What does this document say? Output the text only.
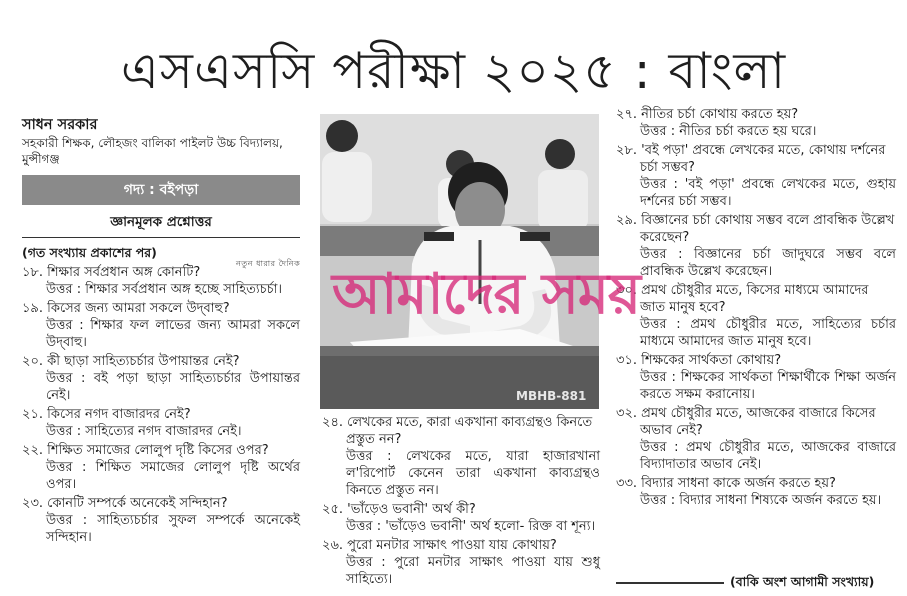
এসএসসি পরীক্ষা ২০২৫ : বাংলা
সাধন সরকার
সহকারী শিক্ষক, লৌহজং বালিকা পাইলট উচ্চ বিদ্যালয়, মুন্সীগঞ্জ
গদ্য : বইপড়া
জ্ঞানমূলক প্রশ্নোত্তর
(গত সংখ্যায় প্রকাশের পর)
১৮. শিক্ষার সর্বপ্রধান অঙ্গ কোনটি?
উত্তর : শিক্ষার সর্বপ্রধান অঙ্গ হচ্ছে সাহিত্যচর্চা।
১৯. কিসের জন্য আমরা সকলে উদ্‌বাহু?
উত্তর : শিক্ষার ফল লাভের জন্য আমরা সকলে উদ্‌বাহু।
২০. কী ছাড়া সাহিত্যচর্চার উপায়ান্তর নেই?
উত্তর : বই পড়া ছাড়া সাহিত্যচর্চার উপায়ান্তর নেই।
২১. কিসের নগদ বাজারদর নেই?
উত্তর : সাহিত্যের নগদ বাজারদর নেই।
২২. শিক্ষিত সমাজের লোলুপ দৃষ্টি কিসের ওপর?
উত্তর : শিক্ষিত সমাজের লোলুপ দৃষ্টি অর্থের ওপর।
২৩. কোনটি সম্পর্কে অনেকেই সন্দিহান?
উত্তর : সাহিত্যচর্চার সুফল সম্পর্কে অনেকেই সন্দিহান।
MBHB-881
২৪. লেখকের মতে, কারা একখানা কাব্যগ্রন্থও কিনতে প্রস্তুত নন?
উত্তর : লেখকের মতে, যারা হাজারখানা ল'রিপোর্ট কেনেন তারা একখানা কাব্যগ্রন্থও কিনতে প্রস্তুত নন।
২৫. 'ভাঁড়েও ভবানী' অর্থ কী?
উত্তর : 'ভাঁড়েও ভবানী' অর্থ হলো- রিক্ত বা শূন্য।
২৬. পুরো মনটার সাক্ষাৎ পাওয়া যায় কোথায়?
উত্তর : পুরো মনটার সাক্ষাৎ পাওয়া যায় শুধু সাহিত্যে।
২৭. নীতির চর্চা কোথায় করতে হয়?
উত্তর : নীতির চর্চা করতে হয় ঘরে।
২৮. 'বই পড়া' প্রবন্ধে লেখকের মতে, কোথায় দর্শনের চর্চা সম্ভব?
উত্তর : 'বই পড়া' প্রবন্ধে লেখকের মতে, গুহায় দর্শনের চর্চা সম্ভব।
২৯. বিজ্ঞানের চর্চা কোথায় সম্ভব বলে প্রাবন্ধিক উল্লেখ করেছেন?
উত্তর : বিজ্ঞানের চর্চা জাদুঘরে সম্ভব বলে প্রাবন্ধিক উল্লেখ করেছেন।
৩০. প্রমথ চৌধুরীর মতে, কিসের মাধ্যমে আমাদের জাত মানুষ হবে?
উত্তর : প্রমথ চৌধুরীর মতে, সাহিত্যের চর্চার মাধ্যমে আমাদের জাত মানুষ হবে।
৩১. শিক্ষকের সার্থকতা কোথায়?
উত্তর : শিক্ষকের সার্থকতা শিক্ষার্থীকে শিক্ষা অর্জন করতে সক্ষম করানোয়।
৩২. প্রমথ চৌধুরীর মতে, আজকের বাজারে কিসের অভাব নেই?
উত্তর : প্রমথ চৌধুরীর মতে, আজকের বাজারে বিদ্যাদাতার অভাব নেই।
৩৩. বিদ্যার সাধনা কাকে অর্জন করতে হয়?
উত্তর : বিদ্যার সাধনা শিষ্যকে অর্জন করতে হয়।
(বাকি অংশ আগামী সংখ্যায়)
নতুন ধারার দৈনিক আমাদের সময়
